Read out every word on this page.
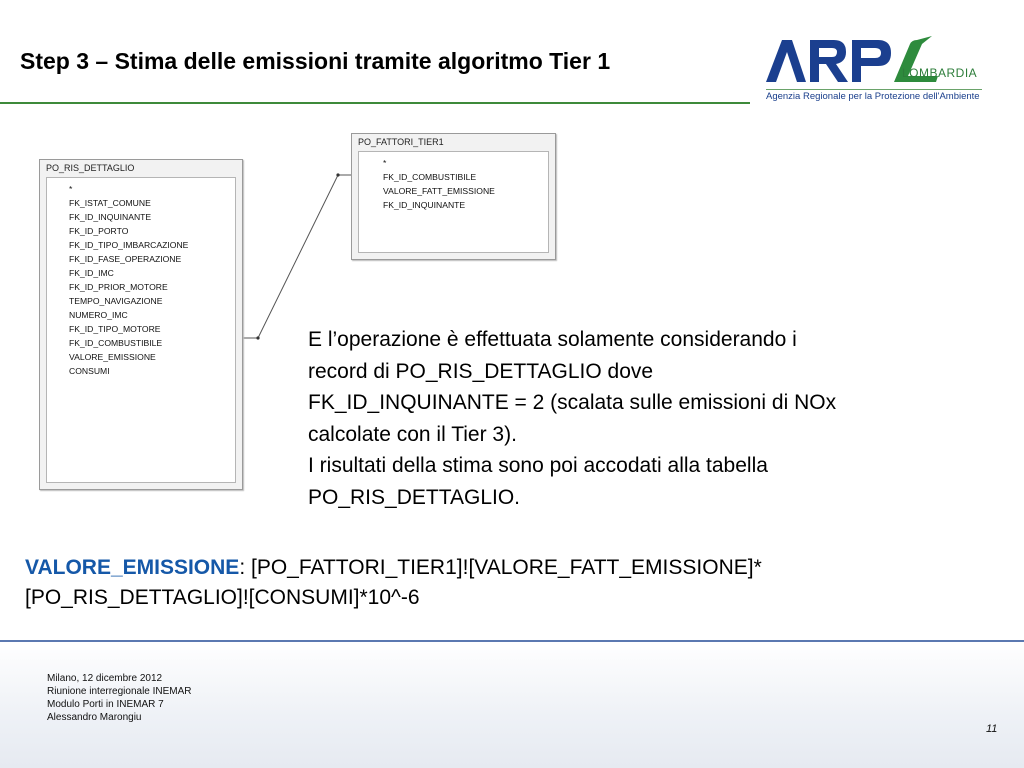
Step 3 – Stima delle emissioni tramite algoritmo Tier 1	LOMBARDIA
Agenzia Regionale per la Protezione dell'Ambiente
PO_RIS_DETTAGLIO
*
FK_ISTAT_COMUNE
FK_ID_INQUINANTE
FK_ID_PORTO
FK_ID_TIPO_IMBARCAZIONE
FK_ID_FASE_OPERAZIONE
FK_ID_IMC
FK_ID_PRIOR_MOTORE
TEMPO_NAVIGAZIONE
NUMERO_IMC
FK_ID_TIPO_MOTORE
FK_ID_COMBUSTIBILE
VALORE_EMISSIONE
CONSUMI
PO_FATTORI_TIER1
*
FK_ID_COMBUSTIBILE
VALORE_FATT_EMISSIONE
FK_ID_INQUINANTE
E l’operazione è effettuata solamente considerando i
record di PO_RIS_DETTAGLIO dove
FK_ID_INQUINANTE = 2 (scalata sulle emissioni di NOx
calcolate con il Tier 3).
I risultati della stima sono poi accodati alla tabella
PO_RIS_DETTAGLIO.
VALORE_EMISSIONE: [PO_FATTORI_TIER1]![VALORE_FATT_EMISSIONE]*
[PO_RIS_DETTAGLIO]![CONSUMI]*10^-6
Milano, 12 dicembre 2012
Riunione interregionale INEMAR
Modulo Porti in INEMAR 7
Alessandro Marongiu
11
